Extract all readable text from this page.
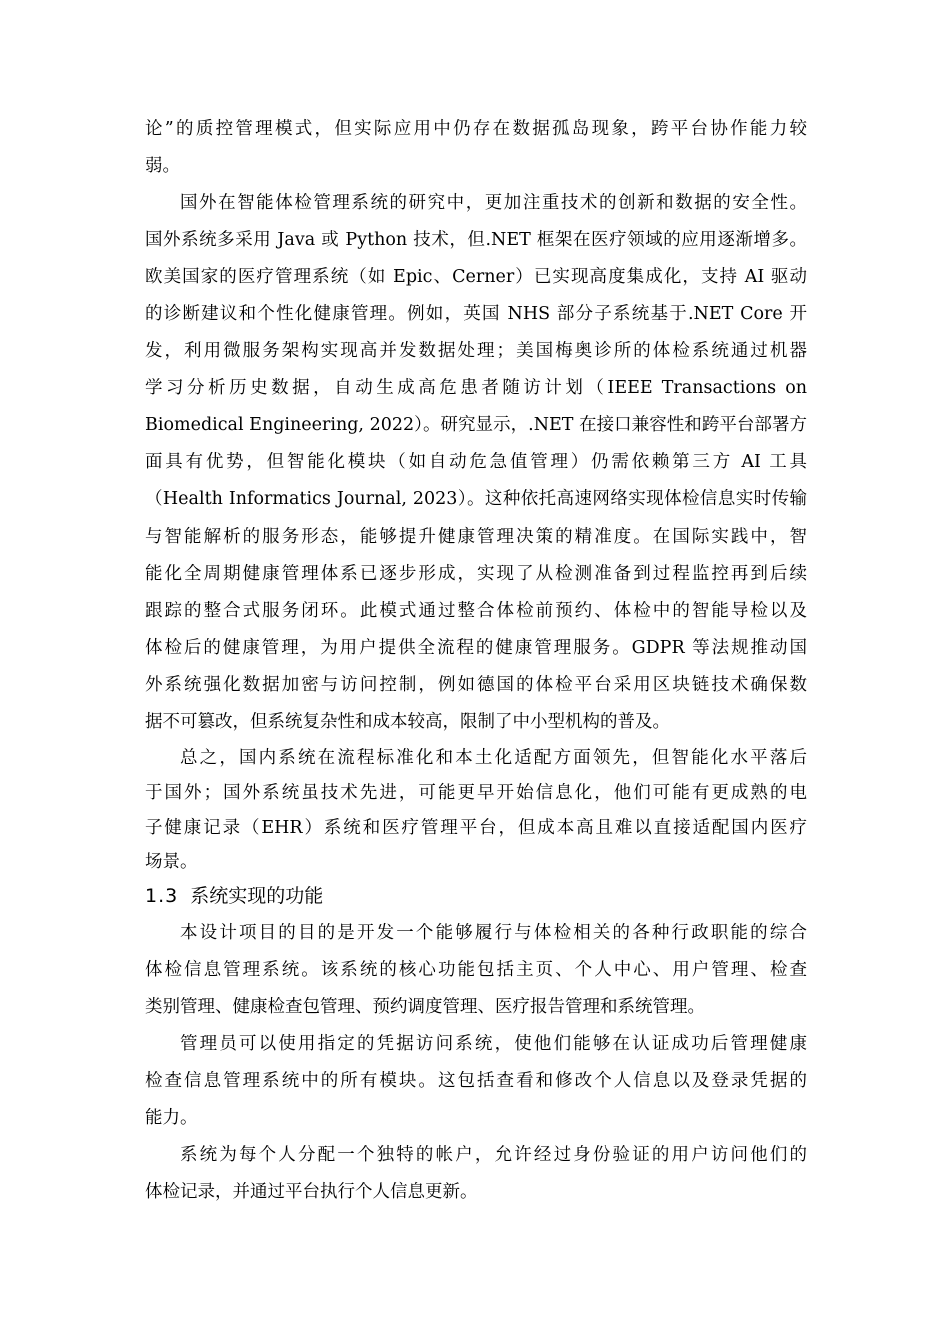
论”的质控管理模式，但实际应用中仍存在数据孤岛现象，跨平台协作能力较
弱。
国外在智能体检管理系统的研究中，更加注重技术的创新和数据的安全性。
国外系统多采用 Java 或 Python 技术，但.NET 框架在医疗领域的应用逐渐增多。
欧美国家的医疗管理系统（如 Epic、Cerner）已实现高度集成化，支持 AI 驱动
的诊断建议和个性化健康管理。例如，英国 NHS 部分子系统基于.NET Core 开
发，利用微服务架构实现高并发数据处理；美国梅奥诊所的体检系统通过机器
学习分析历史数据，自动生成高危患者随访计划（IEEE Transactions on
Biomedical Engineering, 2022）。研究显示，.NET 在接口兼容性和跨平台部署方
面具有优势，但智能化模块（如自动危急值管理）仍需依赖第三方 AI 工具
（Health Informatics Journal, 2023）。这种依托高速网络实现体检信息实时传输
与智能解析的服务形态，能够提升健康管理决策的精准度。在国际实践中，智
能化全周期健康管理体系已逐步形成，实现了从检测准备到过程监控再到后续
跟踪的整合式服务闭环。此模式通过整合体检前预约、体检中的智能导检以及
体检后的健康管理，为用户提供全流程的健康管理服务。GDPR 等法规推动国
外系统强化数据加密与访问控制，例如德国的体检平台采用区块链技术确保数
据不可篡改，但系统复杂性和成本较高，限制了中小型机构的普及。
总之，国内系统在流程标准化和本土化适配方面领先，但智能化水平落后
于国外；国外系统虽技术先进，可能更早开始信息化，他们可能有更成熟的电
子健康记录（EHR）系统和医疗管理平台，但成本高且难以直接适配国内医疗
场景。
1.3 系统实现的功能
本设计项目的目的是开发一个能够履行与体检相关的各种行政职能的综合
体检信息管理系统。该系统的核心功能包括主页、个人中心、用户管理、检查
类别管理、健康检查包管理、预约调度管理、医疗报告管理和系统管理。
管理员可以使用指定的凭据访问系统，使他们能够在认证成功后管理健康
检查信息管理系统中的所有模块。这包括查看和修改个人信息以及登录凭据的
能力。
系统为每个人分配一个独特的帐户，允许经过身份验证的用户访问他们的
体检记录，并通过平台执行个人信息更新。
